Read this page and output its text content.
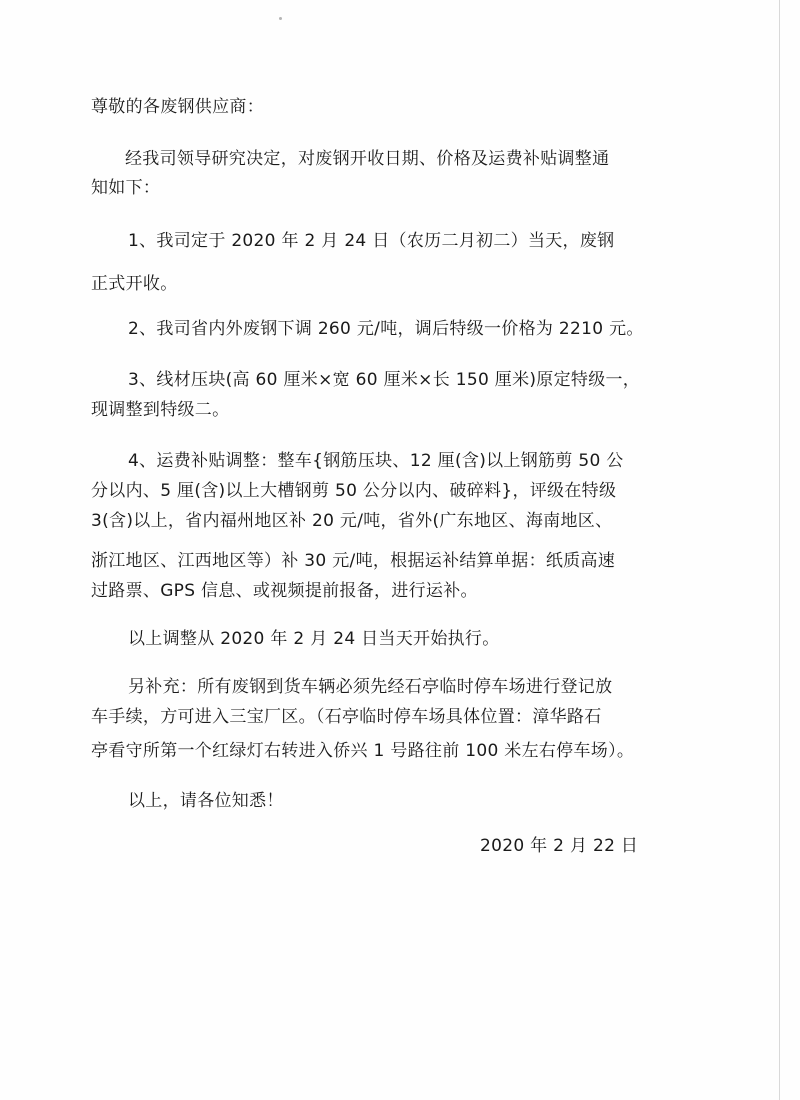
尊敬的各废钢供应商：
经我司领导研究决定，对废钢开收日期、价格及运费补贴调整通
知如下：
1、我司定于 2020 年 2 月 24 日（农历二月初二）当天，废钢
正式开收。
2、我司省内外废钢下调 260 元/吨，调后特级一价格为 2210 元。
3、线材压块(高 60 厘米×宽 60 厘米×长 150 厘米)原定特级一，
现调整到特级二。
4、运费补贴调整：整车{钢筋压块、12 厘(含)以上钢筋剪 50 公
分以内、5 厘(含)以上大槽钢剪 50 公分以内、破碎料}，评级在特级
3(含)以上，省内福州地区补 20 元/吨，省外(广东地区、海南地区、
浙江地区、江西地区等）补 30 元/吨，根据运补结算单据：纸质高速
过路票、GPS 信息、或视频提前报备，进行运补。
以上调整从 2020 年 2 月 24 日当天开始执行。
另补充：所有废钢到货车辆必须先经石亭临时停车场进行登记放
车手续，方可进入三宝厂区。（石亭临时停车场具体位置：漳华路石
亭看守所第一个红绿灯右转进入侨兴 1 号路往前 100 米左右停车场）。
以上，请各位知悉！
2020 年 2 月 22 日
